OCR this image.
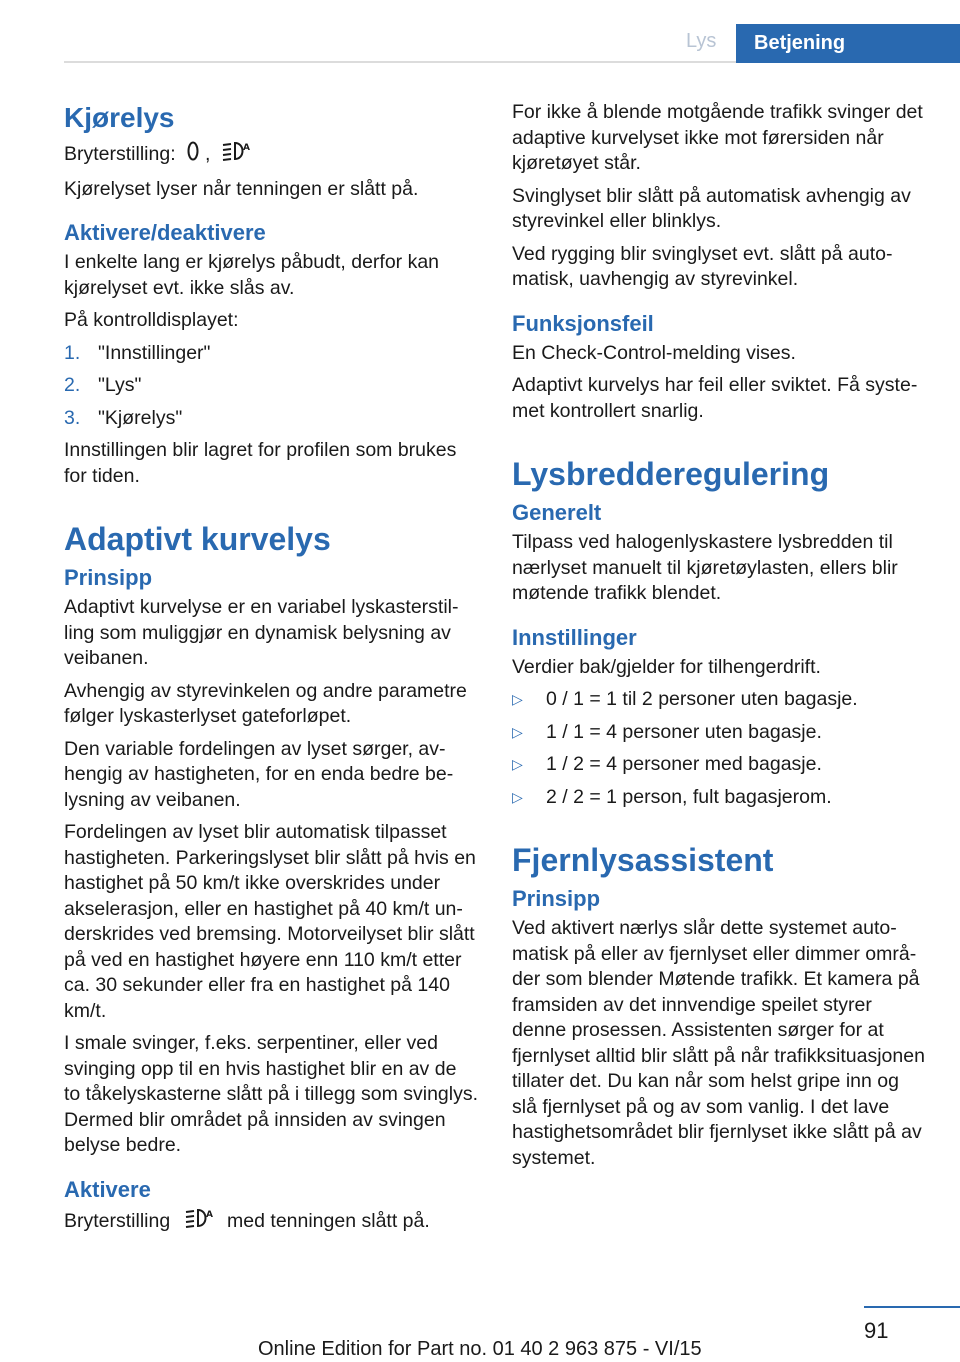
Lys	Betjening
Kjørelys

Bryterstilling: ,	A

Kjørelyset lyser når tenningen er slått på.

Aktivere/deaktivere

I enkelte lang er kjørelys påbudt, derfor kan kjørelyset evt. ikke slås av.

På kontrolldisplayet:

1. "Innstillinger"
2. "Lys"
3. "Kjørelys"

Innstillingen blir lagret for profilen som brukes for tiden.

Adaptivt kurvelys
Prinsipp

Adaptivt kurvelyse er en variabel lyskasterstilling som muliggjør en dynamisk belysning av veibanen.

Avhengig av styrevinkelen og andre parametre følger lyskasterlyset gateforløpet.

Den variable fordelingen av lyset sørger, avhengig av hastigheten, for en enda bedre belysning av veibanen.

Fordelingen av lyset blir automatisk tilpasset hastigheten. Parkeringslyset blir slått på hvis en hastighet på 50 km/t ikke overskrides under akselerasjon, eller en hastighet på 40 km/t underskrides ved bremsing. Motorveilyset blir slått på ved en hastighet høyere enn 110 km/t etter ca. 30 sekunder eller fra en hastighet på 140 km/t.

I smale svinger, f.eks. serpentiner, eller ved svinging opp til en hvis hastighet blir en av de to tåkelyskasterne slått på i tillegg som svinglys. Dermed blir området på innsiden av svingen belyse bedre.

Aktivere

Bryterstilling	A med tenningen slått på.

For ikke å blende motgående trafikk svinger det adaptive kurvelyset ikke mot førersiden når kjøretøyet står.

Svinglyset blir slått på automatisk avhengig av styrevinkel eller blinklys.

Ved rygging blir svinglyset evt. slått på automatisk, uavhengig av styrevinkel.

Funksjonsfeil

En Check-Control-melding vises.

Adaptivt kurvelys har feil eller sviktet. Få systemet kontrollert snarlig.

Lysbredderegulering
Generelt

Tilpass ved halogenlyskastere lysbredden til nærlyset manuelt til kjøretøylasten, ellers blir møtende trafikk blendet.

Innstillinger

Verdier bak/gjelder for tilhengerdrift.

▷	0 / 1 = 1 til 2 personer uten bagasje.
▷	1 / 1 = 4 personer uten bagasje.
▷	1 / 2 = 4 personer med bagasje.
▷	2 / 2 = 1 person, fult bagasjerom.
Fjernlysassistent
Prinsipp

Ved aktivert nærlys slår dette systemet automatisk på eller av fjernlyset eller dimmer områder som blender Møtende trafikk. Et kamera på framsiden av det innvendige speilet styrer denne prosessen. Assistenten sørger for at fjernlyset alltid blir slått på når trafikksituasjonen tillater det. Du kan når som helst gripe inn og slå fjernlyset på og av som vanlig. I det lave hastighetsområdet blir fjernlyset ikke slått på av systemet.

91
Online Edition for Part no. 01 40 2 963 875 - VI/15
